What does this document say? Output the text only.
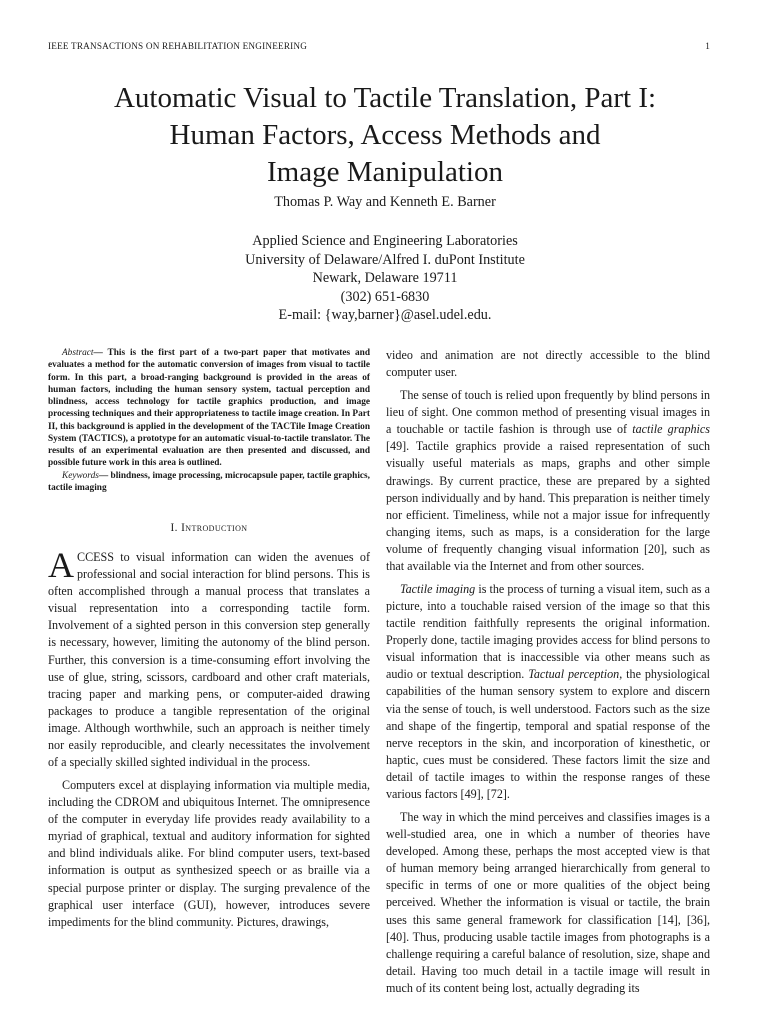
IEEE TRANSACTIONS ON REHABILITATION ENGINEERING	1
Automatic Visual to Tactile Translation, Part I:
Human Factors, Access Methods and
Image Manipulation
Thomas P. Way and Kenneth E. Barner
Applied Science and Engineering Laboratories
University of Delaware/Alfred I. duPont Institute
Newark, Delaware 19711
(302) 651-6830
E-mail: {way,barner}@asel.udel.edu.

Abstract— This is the first part of a two-part paper that motivates and evaluates a method for the automatic conversion of images from visual to tactile form. In this part, a broad-ranging background is provided in the areas of human factors, including the human sensory system, tactual perception and blindness, access technology for tactile graphics production, and image processing techniques and their appropriateness to tactile image creation. In Part II, this background is applied in the development of the TACTile Image Creation System (TACTICS), a prototype for an automatic visual-to-tactile translator. The results of an experimental evaluation are then presented and discussed, and possible future work in this area is outlined.

Keywords— blindness, image processing, microcapsule paper, tactile graphics, tactile imaging

I. Introduction

ACCESS to visual information can widen the avenues of professional and social interaction for blind persons. This is often accomplished through a manual process that translates a visual representation into a corresponding tactile form. Involvement of a sighted person in this conversion step generally is necessary, however, limiting the autonomy of the blind person. Further, this conversion is a time-consuming effort involving the use of glue, string, scissors, cardboard and other craft materials, tracing paper and marking pens, or computer-aided drawing packages to produce a tangible representation of the original image. Although worthwhile, such an approach is neither timely nor easily reproducible, and clearly necessitates the involvement of a specially skilled sighted individual in the process.

Computers excel at displaying information via multiple media, including the CDROM and ubiquitous Internet. The omnipresence of the computer in everyday life provides ready availability to a myriad of graphical, textual and auditory information for sighted and blind individuals alike. For blind computer users, text-based information is output as synthesized speech or as braille via a special purpose printer or display. The surging prevalence of the graphical user interface (GUI), however, introduces severe impediments for the blind community. Pictures, drawings,

video and animation are not directly accessible to the blind computer user.

The sense of touch is relied upon frequently by blind persons in lieu of sight. One common method of presenting visual images in a touchable or tactile fashion is through use of tactile graphics [49]. Tactile graphics provide a raised representation of such visually useful materials as maps, graphs and other simple drawings. By current practice, these are prepared by a sighted person individually and by hand. This preparation is neither timely nor efficient. Timeliness, while not a major issue for infrequently changing items, such as maps, is a consideration for the large volume of frequently changing visual information [20], such as that available via the Internet and from other sources.

Tactile imaging is the process of turning a visual item, such as a picture, into a touchable raised version of the image so that this tactile rendition faithfully represents the original information. Properly done, tactile imaging provides access for blind persons to visual information that is inaccessible via other means such as audio or textual description. Tactual perception, the physiological capabilities of the human sensory system to explore and discern via the sense of touch, is well understood. Factors such as the size and shape of the fingertip, temporal and spatial response of the nerve receptors in the skin, and incorporation of kinesthetic, or haptic, cues must be considered. These factors limit the size and detail of tactile images to within the response ranges of these various factors [49], [72].

The way in which the mind perceives and classifies images is a well-studied area, one in which a number of theories have developed. Among these, perhaps the most accepted view is that of human memory being arranged hierarchically from general to specific in terms of one or more qualities of the object being perceived. Whether the information is visual or tactile, the brain uses this same general framework for classification [14], [36], [40]. Thus, producing usable tactile images from photographs is a challenge requiring a careful balance of resolution, size, shape and detail. Having too much detail in a tactile image will result in much of its content being lost, actually degrading its
